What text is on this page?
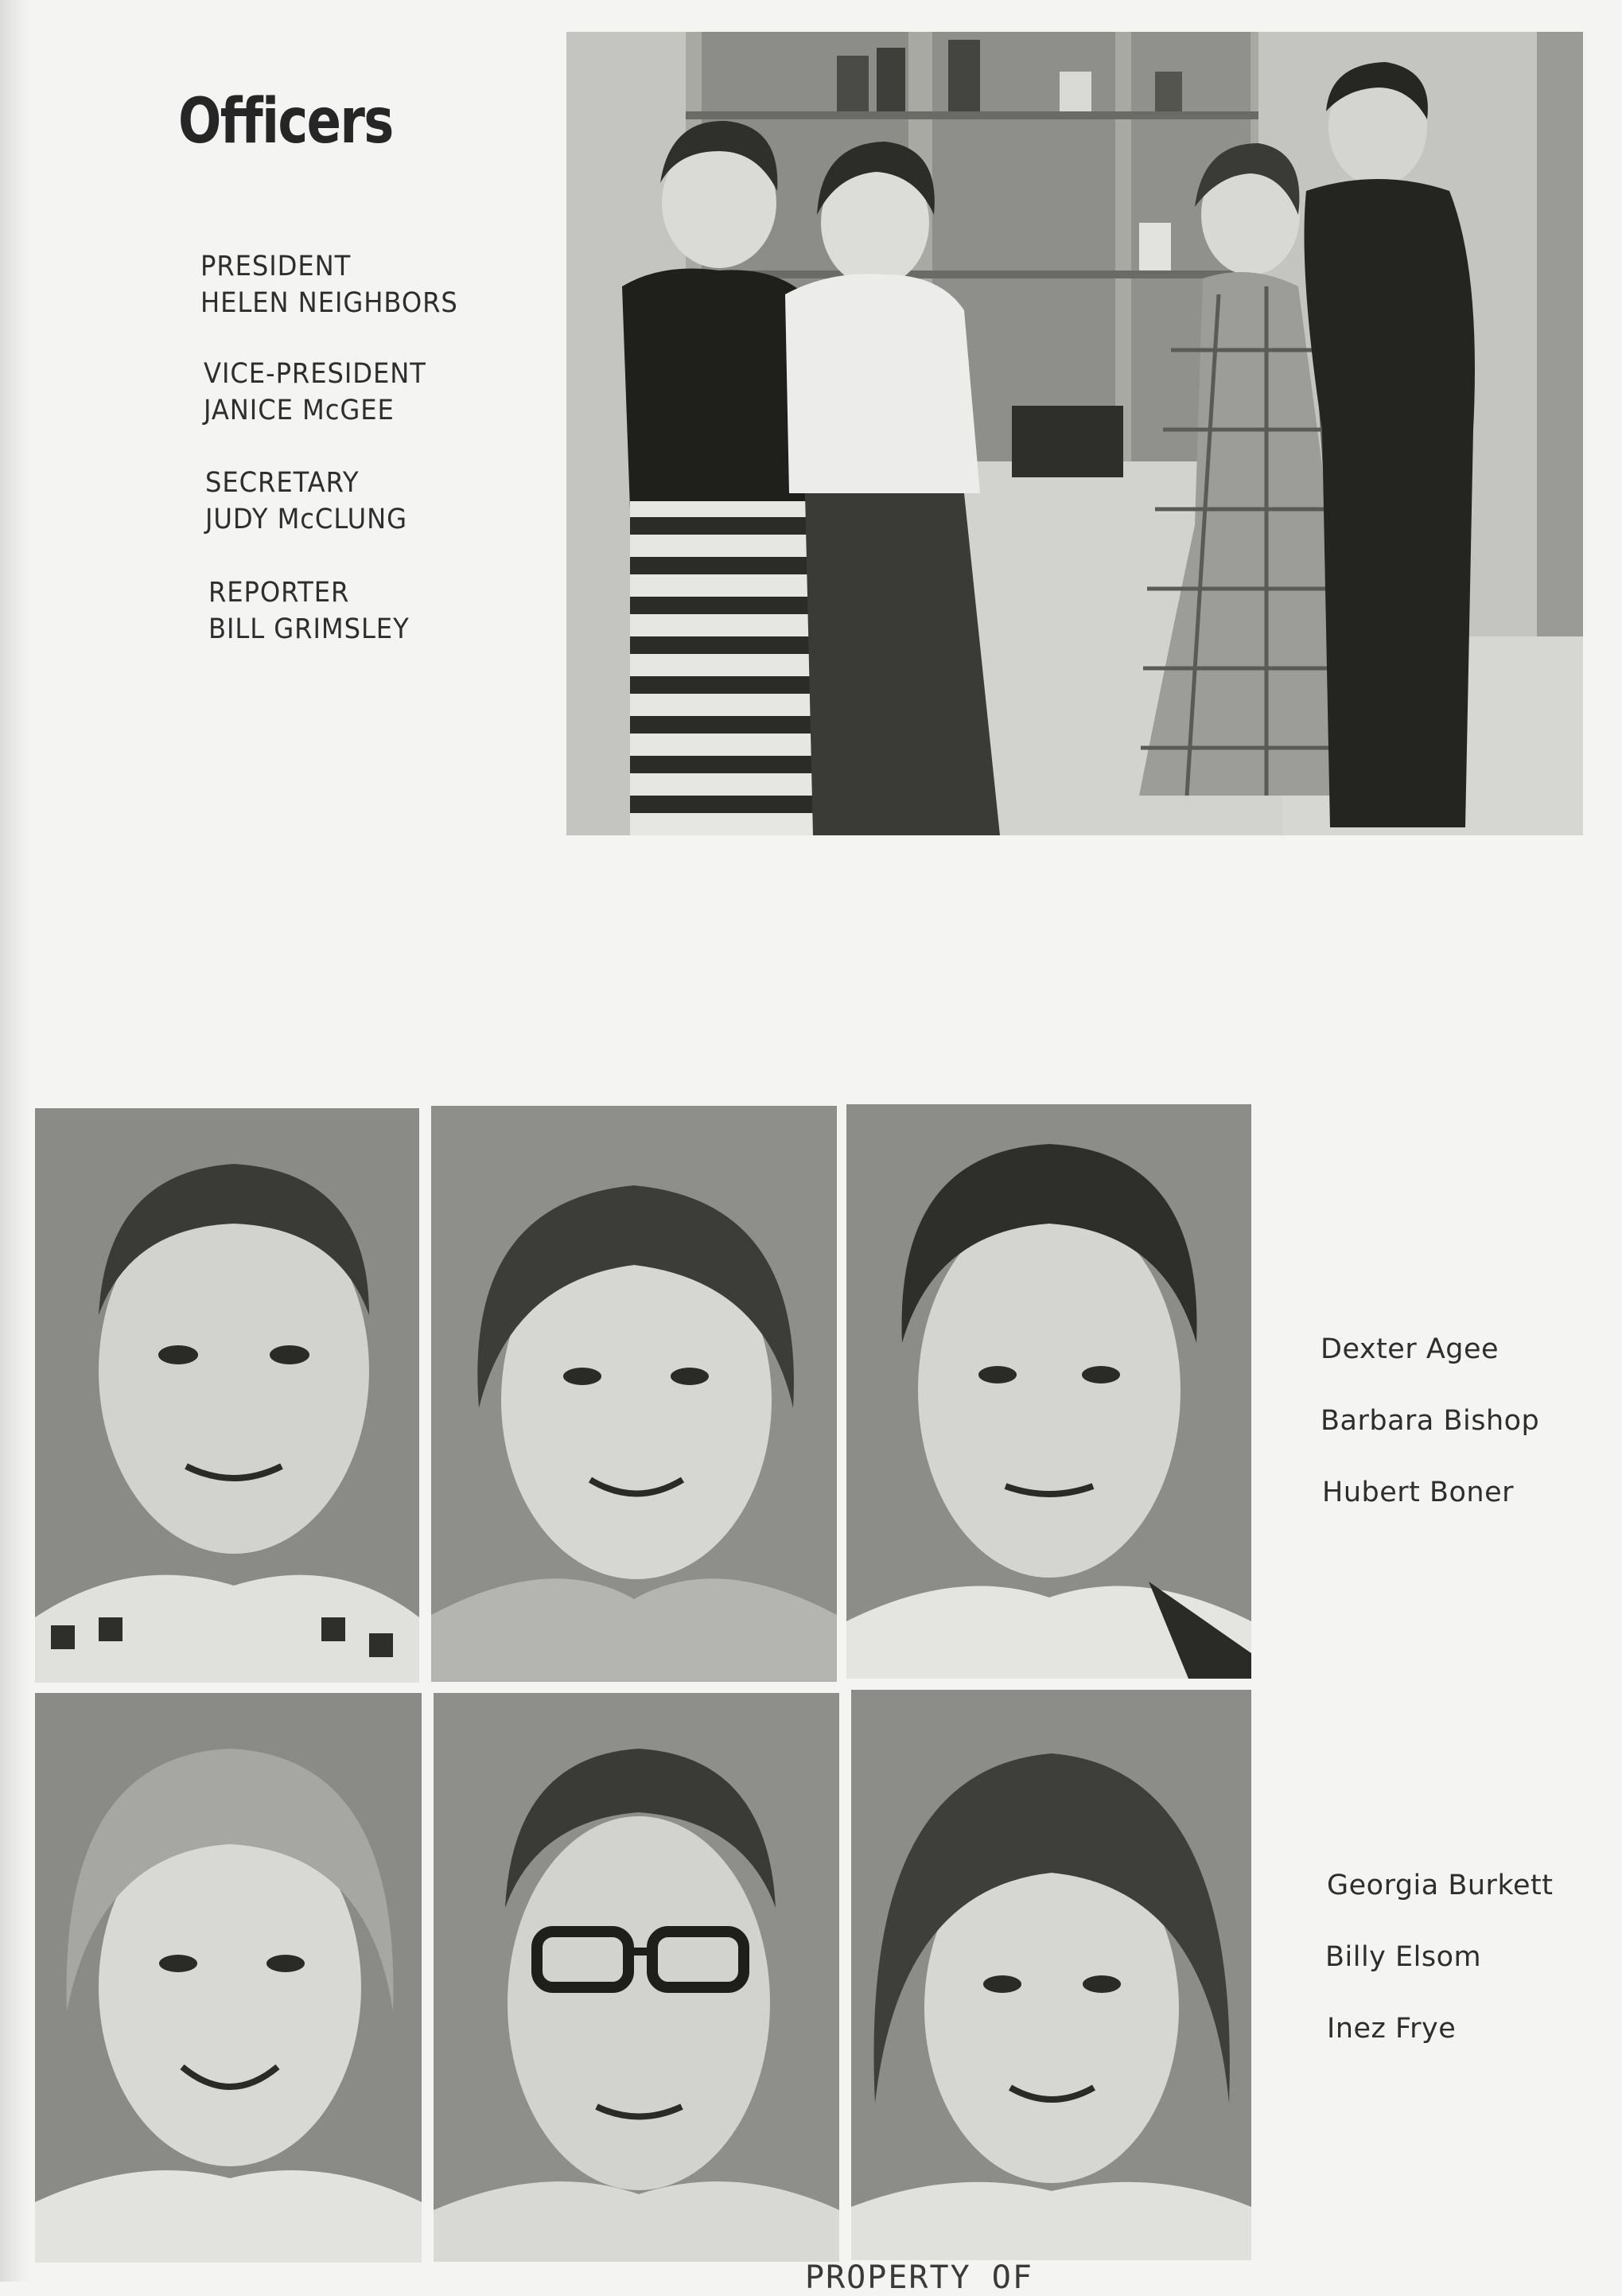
Officers
PRESIDENT
HELEN NEIGHBORS
VICE-PRESIDENT
JANICE McGEE
SECRETARY
JUDY McCLUNG
REPORTER
BILL GRIMSLEY
Dexter Agee
Barbara Bishop
Hubert Boner
Georgia Burkett
Billy Elsom
Inez Frye
PROPERTY OF
